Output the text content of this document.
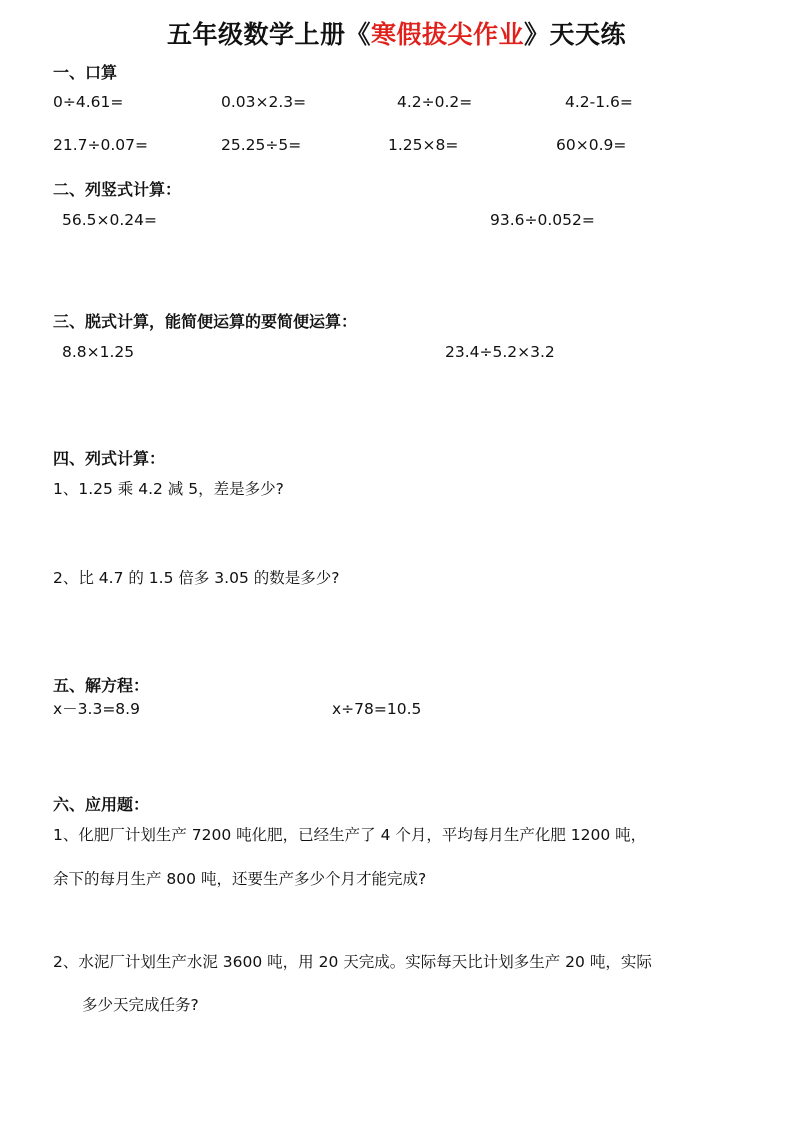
五年级数学上册《寒假拔尖作业》天天练
一、口算
0÷4.61=	0.03×2.3=	4.2÷0.2=	4.2-1.6=
21.7÷0.07=	25.25÷5=	1.25×8=	60×0.9=
二、列竖式计算：
56.5×0.24=	93.6÷0.052=
三、脱式计算，能简便运算的要简便运算：
8.8×1.25	23.4÷5.2×3.2
四、列式计算：
1、1.25 乘 4.2 减 5，差是多少?
2、比 4.7 的 1.5 倍多 3.05 的数是多少?
五、解方程：
x－3.3=8.9	x÷78=10.5
六、应用题：
1、化肥厂计划生产 7200 吨化肥，已经生产了 4 个月，平均每月生产化肥 1200 吨，
余下的每月生产 800 吨，还要生产多少个月才能完成?
2、水泥厂计划生产水泥 3600 吨，用 20 天完成。实际每天比计划多生产 20 吨，实际
多少天完成任务?
